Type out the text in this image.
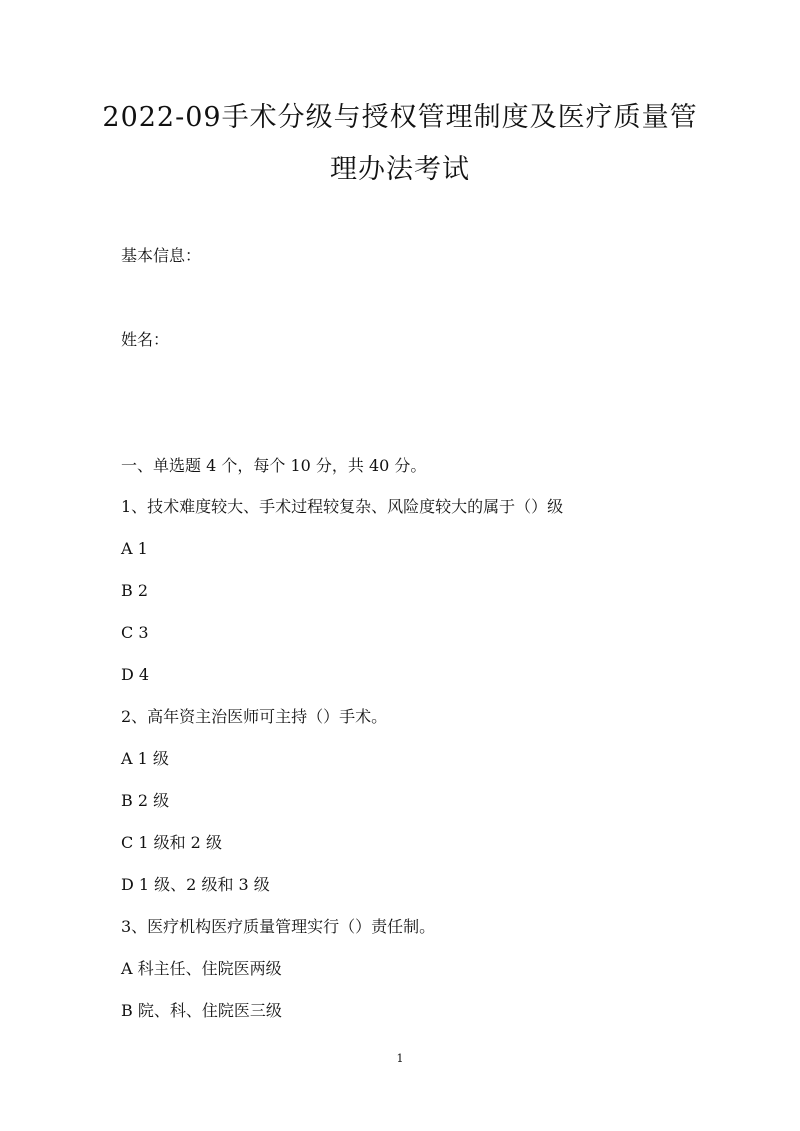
2022-09手术分级与授权管理制度及医疗质量管
理办法考试
基本信息：
姓名：
一、单选题 4 个，每个 10 分，共 40 分。
1、技术难度较大、手术过程较复杂、风险度较大的属于（）级
A 1
B 2
C 3
D 4
2、高年资主治医师可主持（）手术。
A 1 级
B 2 级
C 1 级和 2 级
D 1 级、2 级和 3 级
3、医疗机构医疗质量管理实行（）责任制。
A 科主任、住院医两级
B 院、科、住院医三级
1
